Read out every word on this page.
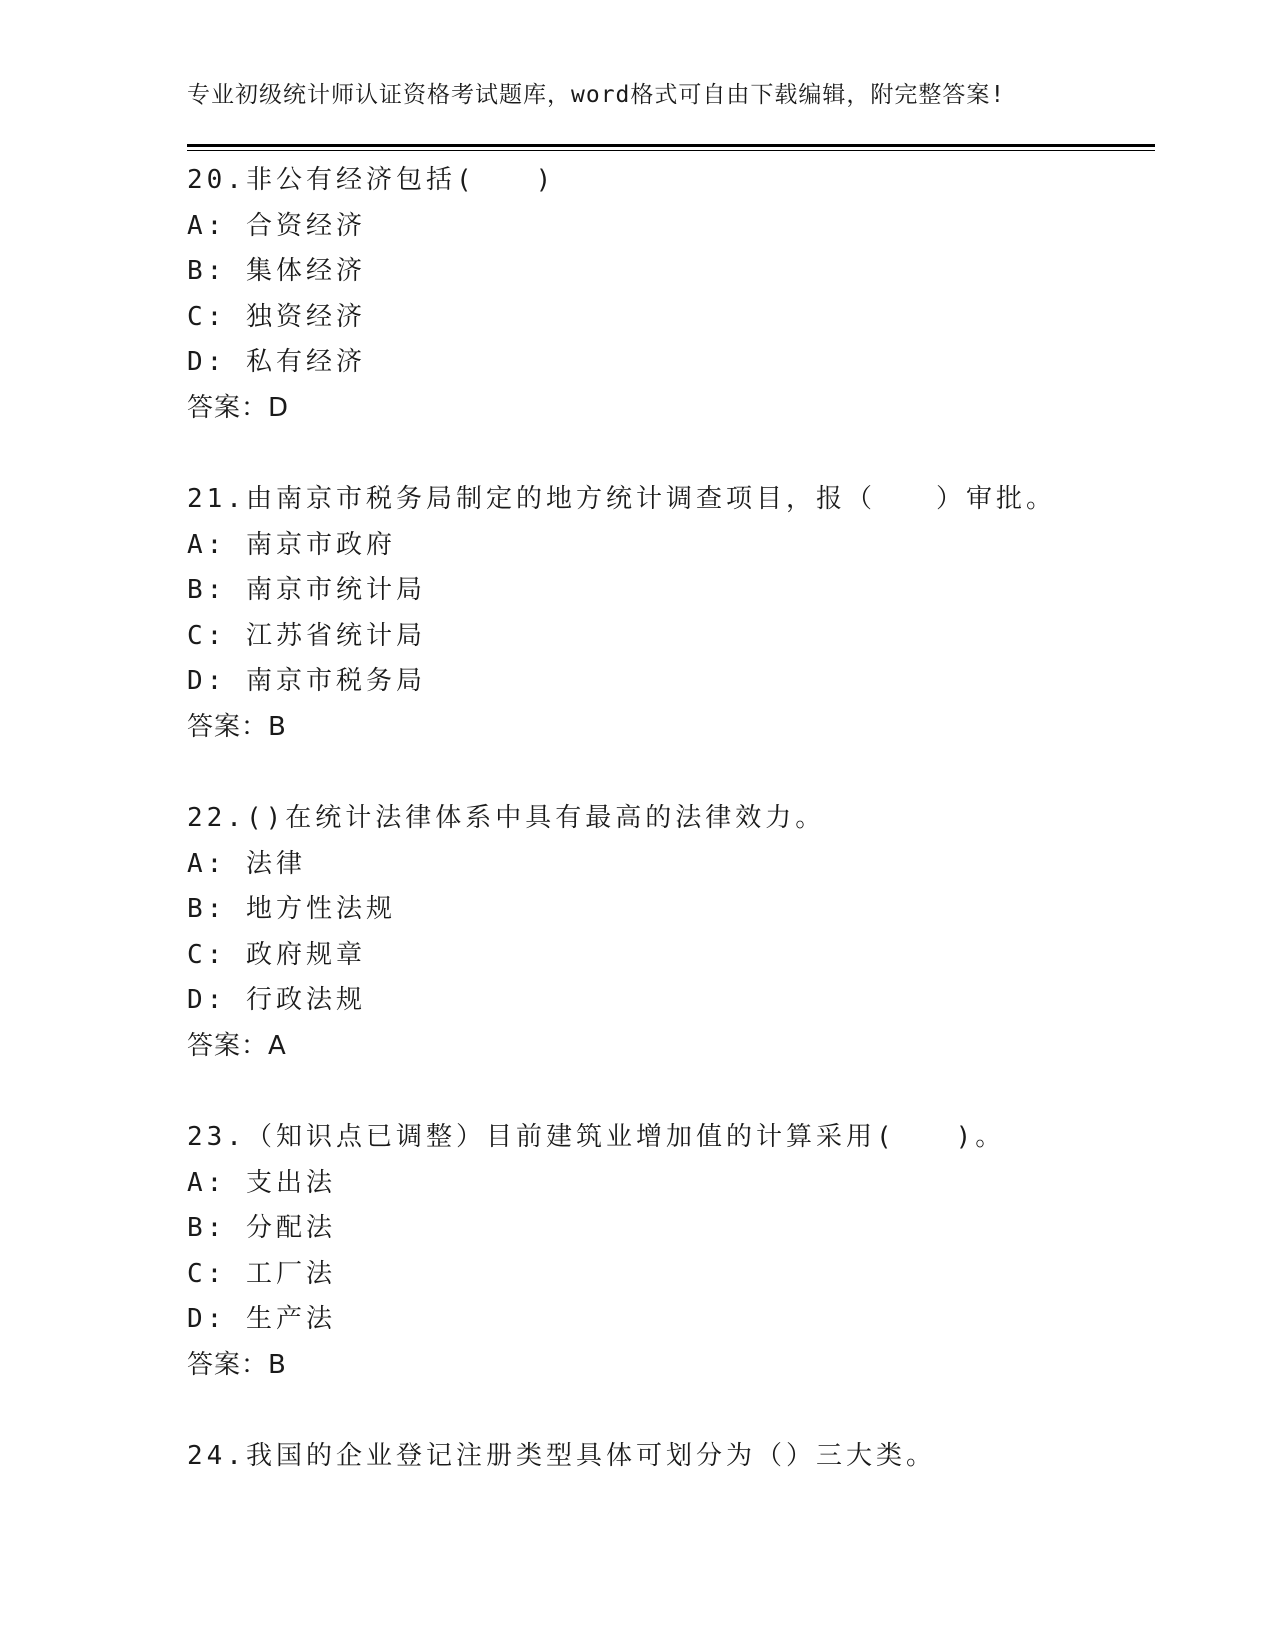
专业初级统计师认证资格考试题库，word格式可自由下载编辑，附完整答案!
20.非公有经济包括(　　)
A: 合资经济
B: 集体经济
C: 独资经济
D: 私有经济
答案：D
21.由南京市税务局制定的地方统计调查项目，报（　　）审批。
A: 南京市政府
B: 南京市统计局
C: 江苏省统计局
D: 南京市税务局
答案：B
22.()在统计法律体系中具有最高的法律效力。
A: 法律
B: 地方性法规
C: 政府规章
D: 行政法规
答案：A
23.（知识点已调整）目前建筑业增加值的计算采用(　　)。
A: 支出法
B: 分配法
C: 工厂法
D: 生产法
答案：B
24.我国的企业登记注册类型具体可划分为（）三大类。
